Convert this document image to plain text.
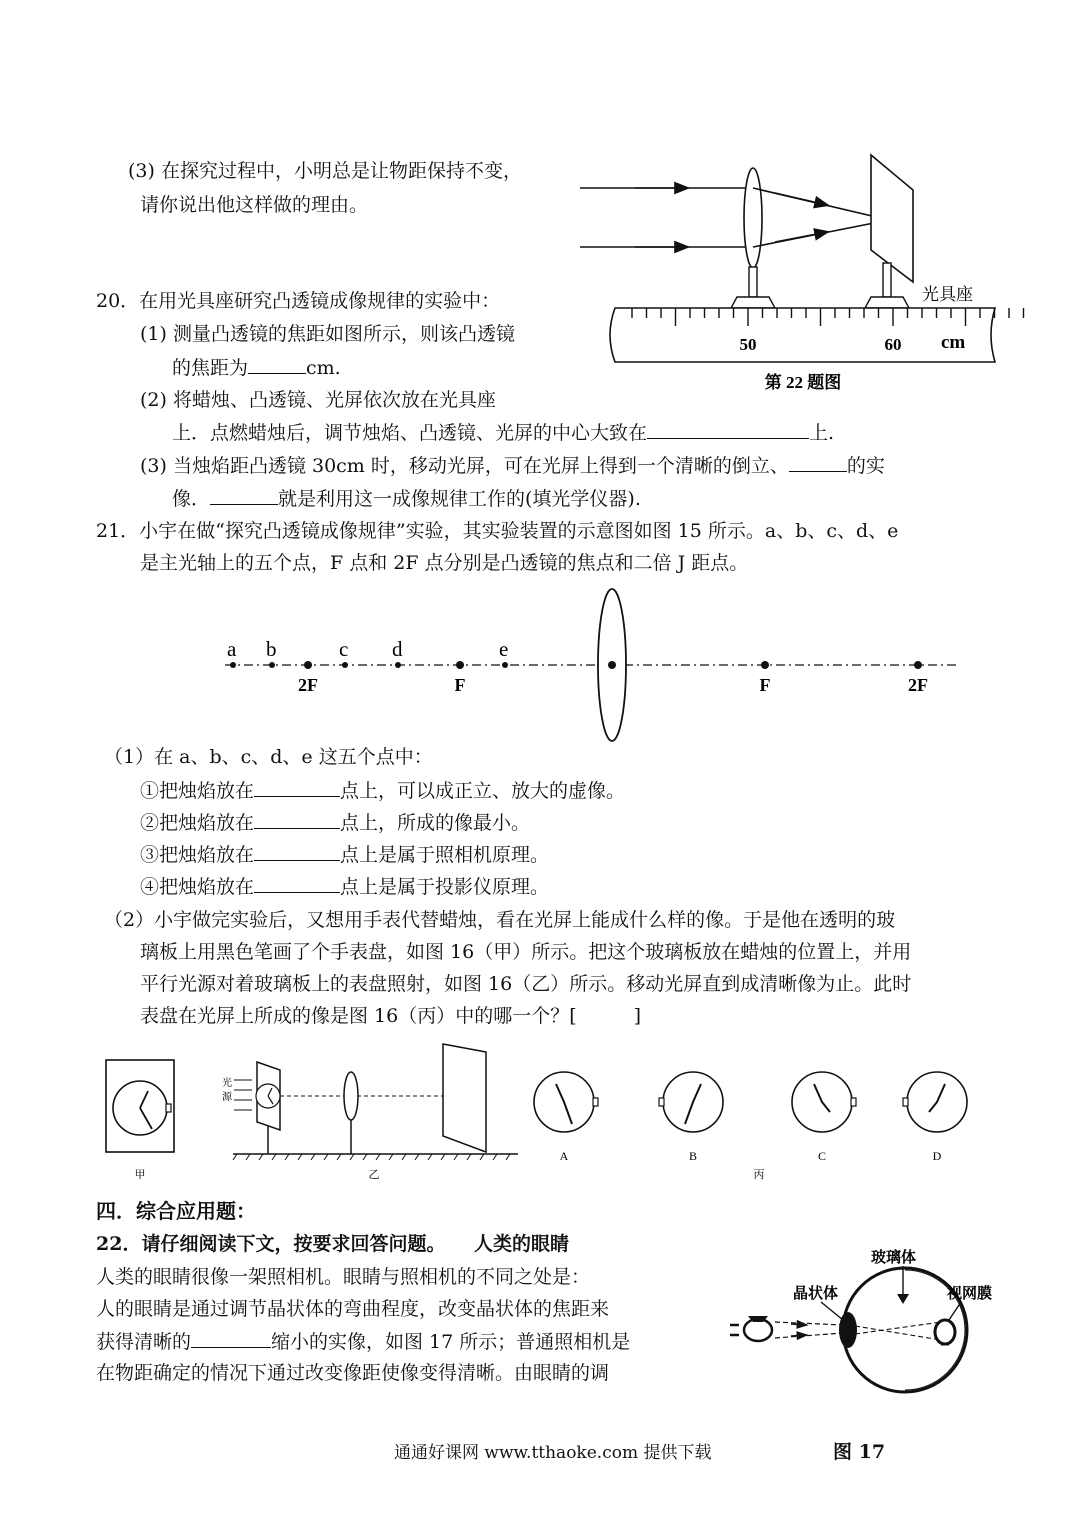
(3) 在探究过程中，小明总是让物距保持不变，
请你说出他这样做的理由。
50	60 cm
光具座
第 22 题图
20．在用光具座研究凸透镜成像规律的实验中：
(1) 测量凸透镜的焦距如图所示，则该凸透镜
的焦距为	cm.
(2) 将蜡烛、凸透镜、光屏依次放在光具座
上．点燃蜡烛后，调节烛焰、凸透镜、光屏的中心大致在	上.
(3) 当烛焰距凸透镜 30cm 时，移动光屏，可在光屏上得到一个清晰的倒立、	的实
像．	就是利用这一成像规律工作的(填光学仪器).
21．小宇在做“探究凸透镜成像规律”实验，其实验装置的示意图如图 15 所示。a、b、c、d、e
是主光轴上的五个点，F 点和 2F 点分别是凸透镜的焦点和二倍 J 距点。
a b	c d	e
2F	F	F	2F
（1）在 a、b、c、d、e 这五个点中：
①把烛焰放在	点上，可以成正立、放大的虚像。
②把烛焰放在	点上，所成的像最小。
③把烛焰放在	点上是属于照相机原理。
④把烛焰放在	点上是属于投影仪原理。
（2）小宇做完实验后，又想用手表代替蜡烛，看在光屏上能成什么样的像。于是他在透明的玻
璃板上用黑色笔画了个手表盘，如图 16（甲）所示。把这个玻璃板放在蜡烛的位置上，并用
平行光源对着玻璃板上的表盘照射，如图 16（乙）所示。移动光屏直到成清晰像为止。此时
表盘在光屏上所成的像是图 16（丙）中的哪一个？[　　　]
甲
光
源
乙
A	B	C	D
丙
四．综合应用题：
22．请仔细阅读下文，按要求回答问题。　　人类的眼睛
人类的眼睛很像一架照相机。眼睛与照相机的不同之处是：
人的眼睛是通过调节晶状体的弯曲程度，改变晶状体的焦距来
获得清晰的	缩小的实像，如图 17 所示；普通照相机是
在物距确定的情况下通过改变像距使像变得清晰。由眼睛的调
玻璃体
晶状体	视网膜
通通好课网 www.tthaoke.com 提供下载	图 17
